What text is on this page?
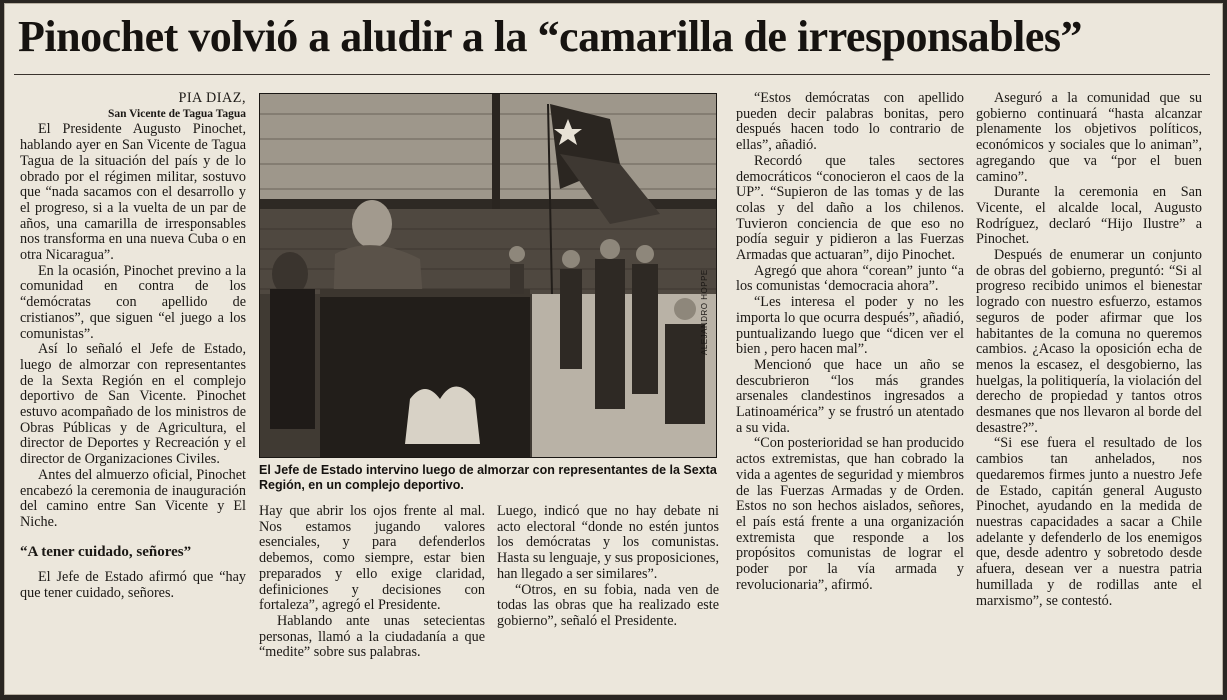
Pinochet volvió a aludir a la “camarilla de irresponsables”

PIA DIAZ,

San Vicente de Tagua Tagua

El Presidente Augusto Pinochet, hablando ayer en San Vicente de Tagua Tagua de la situación del país y de lo obrado por el régimen militar, sostuvo que “nada sacamos con el desarrollo y el progreso, si a la vuelta de un par de años, una camarilla de irresponsables nos transforma en una nueva Cuba o en otra Nicaragua”.

En la ocasión, Pinochet previno a la comunidad en contra de los “demócratas con apellido de cristianos”, que siguen “el juego a los comunistas”.

Así lo señaló el Jefe de Estado, luego de almorzar con representantes de la Sexta Región en el complejo deportivo de San Vicente. Pinochet estuvo acompañado de los ministros de Obras Públicas y de Agricultura, el director de Deportes y Recreación y el director de Organizaciones Civiles.

Antes del almuerzo oficial, Pinochet encabezó la ceremonia de inauguración del camino entre San Vicente y El Niche.

“A tener cuidado, señores”

El Jefe de Estado afirmó que “hay que tener cuidado, señores.

ALEJANDRO HOPPE
El Jefe de Estado intervino luego de almorzar con representantes de la Sexta Región, en un complejo deportivo.

Hay que abrir los ojos frente al mal. Nos estamos jugando valores esenciales, y para defenderlos debemos, como siempre, estar bien preparados y ello exige claridad, definiciones y decisiones con fortaleza”, agregó el Presidente.

Hablando ante unas setecientas personas, llamó a la ciudadanía a que “medite” sobre sus palabras.

Luego, indicó que no hay debate ni acto electoral “donde no estén juntos los demócratas y los comunistas. Hasta su lenguaje, y sus proposiciones, han llegado a ser similares”.

“Otros, en su fobia, nada ven de todas las obras que ha realizado este gobierno”, señaló el Presidente.

“Estos demócratas con apellido pueden decir palabras bonitas, pero después hacen todo lo contrario de ellas”, añadió.

Recordó que tales sectores democráticos “conocieron el caos de la UP”. “Supieron de las tomas y de las colas y del daño a los chilenos. Tuvieron conciencia de que eso no podía seguir y pidieron a las Fuerzas Armadas que actuaran”, dijo Pinochet.

Agregó que ahora “corean” junto “a los comunistas ‘democracia ahora”.

“Les interesa el poder y no les importa lo que ocurra después”, añadió, puntualizando luego que “dicen ver el bien , pero hacen mal”.

Mencionó que hace un año se descubrieron “los más grandes arsenales clandestinos ingresados a Latinoamérica” y se frustró un atentado a su vida.

“Con posterioridad se han producido actos extremistas, que han cobrado la vida a agentes de seguridad y miembros de las Fuerzas Armadas y de Orden. Estos no son hechos aislados, señores, el país está frente a una organización extremista que responde a los propósitos comunistas de lograr el poder por la vía armada y revolucionaria”, afirmó.

Aseguró a la comunidad que su gobierno continuará “hasta alcanzar plenamente los objetivos políticos, económicos y sociales que lo animan”, agregando que va “por el buen camino”.

Durante la ceremonia en San Vicente, el alcalde local, Augusto Rodríguez, declaró “Hijo Ilustre” a Pinochet.

Después de enumerar un conjunto de obras del gobierno, preguntó: “Si al progreso recibido unimos el bienestar logrado con nuestro esfuerzo, estamos seguros de poder afirmar que los habitantes de la comuna no queremos cambios. ¿Acaso la oposición echa de menos la escasez, el desgobierno, las huelgas, la politiquería, la violación del derecho de propiedad y tantos otros desmanes que nos llevaron al borde del desastre?”.

“Si ese fuera el resultado de los cambios tan anhelados, nos quedaremos firmes junto a nuestro Jefe de Estado, capitán general Augusto Pinochet, ayudando en la medida de nuestras capacidades a sacar a Chile adelante y defenderlo de los enemigos que, desde adentro y sobretodo desde afuera, desean ver a nuestra patria humillada y de rodillas ante el marxismo”, se contestó.
